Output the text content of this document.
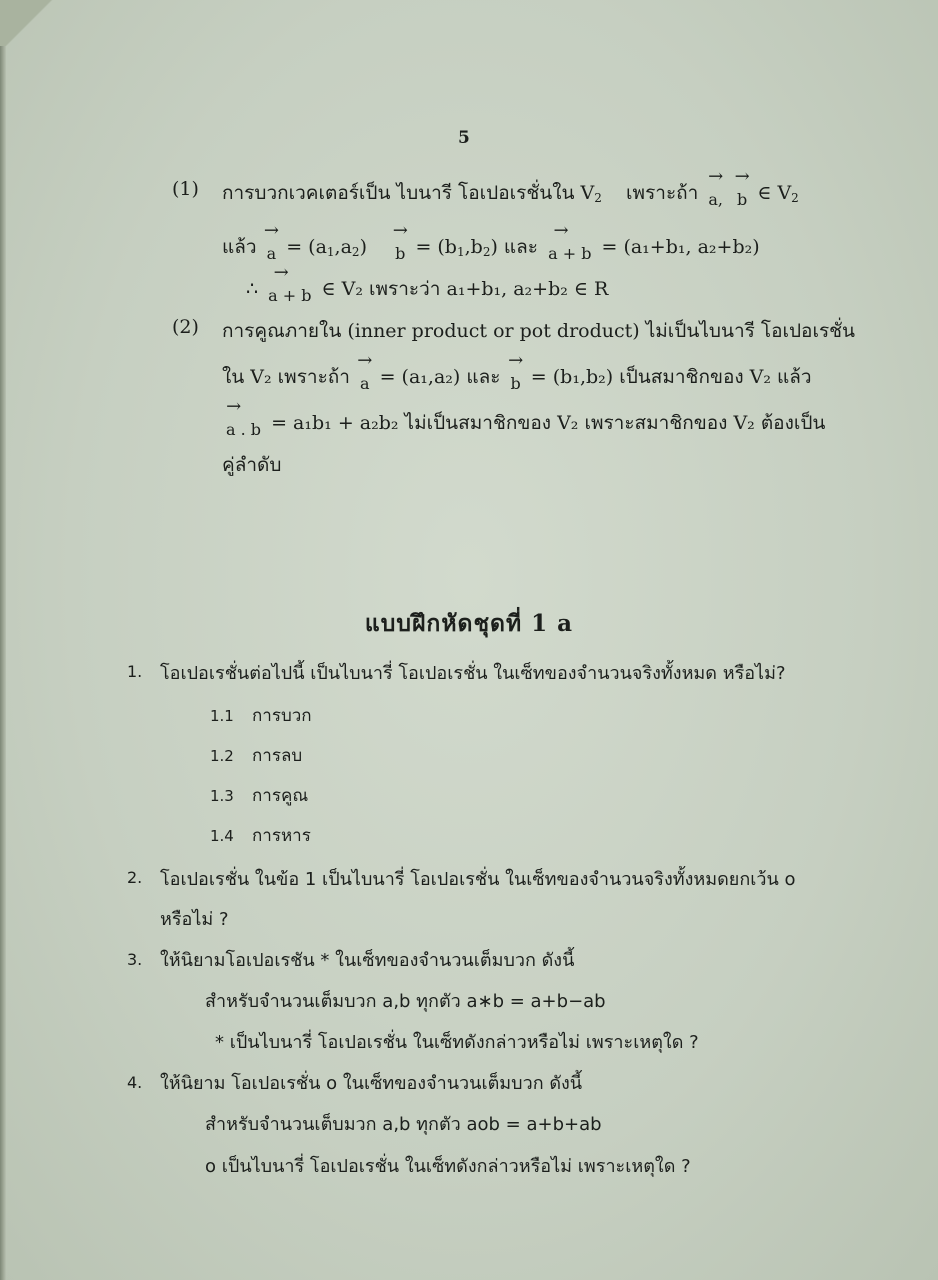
5
(1) การบวกเวคเตอร์เป็น ไบนารี โอเปอเรชั่นใน $V_2$ เพราะถ้า
→
a,
→
b ∈ $V_2$
แล้ว
→
$a = (a_1,a_2)$
→
$b = (b_1,b_2)$ และ
→
a + b = (a₁+b₁, a₂+b₂)
∴
→
a + b ∈ V₂ เพราะว่า a₁+b₁, a₂+b₂ ∈ R
(2) การคูณภายใน (inner product or pot droduct) ไม่เป็นไบนารี โอเปอเรชั่น
ใน V₂ เพราะถ้า
→
a = (a₁,a₂) และ
→
b = (b₁,b₂) เป็นสมาชิกของ V₂ แล้ว
→
a . b = a₁b₁ + a₂b₂ ไม่เป็นสมาชิกของ V₂ เพราะสมาชิกของ V₂ ต้องเป็น
คู่ลำดับ
แบบฝึกหัดชุดที่ 1 a
1. โอเปอเรชั่นต่อไปนี้ เป็นไบนารี่ โอเปอเรชั่น ในเซ็ทของจำนวนจริงทั้งหมด หรือไม่?
1.1 การบวก
1.2 การลบ
1.3 การคูณ
1.4 การหาร
2. โอเปอเรชั่น ในข้อ 1 เป็นไบนารี่ โอเปอเรชั่น ในเซ็ทของจำนวนจริงทั้งหมดยกเว้น o
หรือไม่ ?
3. ให้นิยามโอเปอเรชัน * ในเซ็ทของจำนวนเต็มบวก ดังนี้
สำหรับจำนวนเต็มบวก a,b ทุกตัว a∗b = a+b−ab
* เป็นไบนารี่ โอเปอเรชั่น ในเซ็ทดังกล่าวหรือไม่ เพราะเหตุใด ?
4. ให้นิยาม โอเปอเรชั่น o ในเซ็ทของจำนวนเต็มบวก ดังนี้
สำหรับจำนวนเต็บมวก a,b ทุกตัว aob = a+b+ab
o เป็นไบนารี่ โอเปอเรชั่น ในเซ็ทดังกล่าวหรือไม่ เพราะเหตุใด ?
